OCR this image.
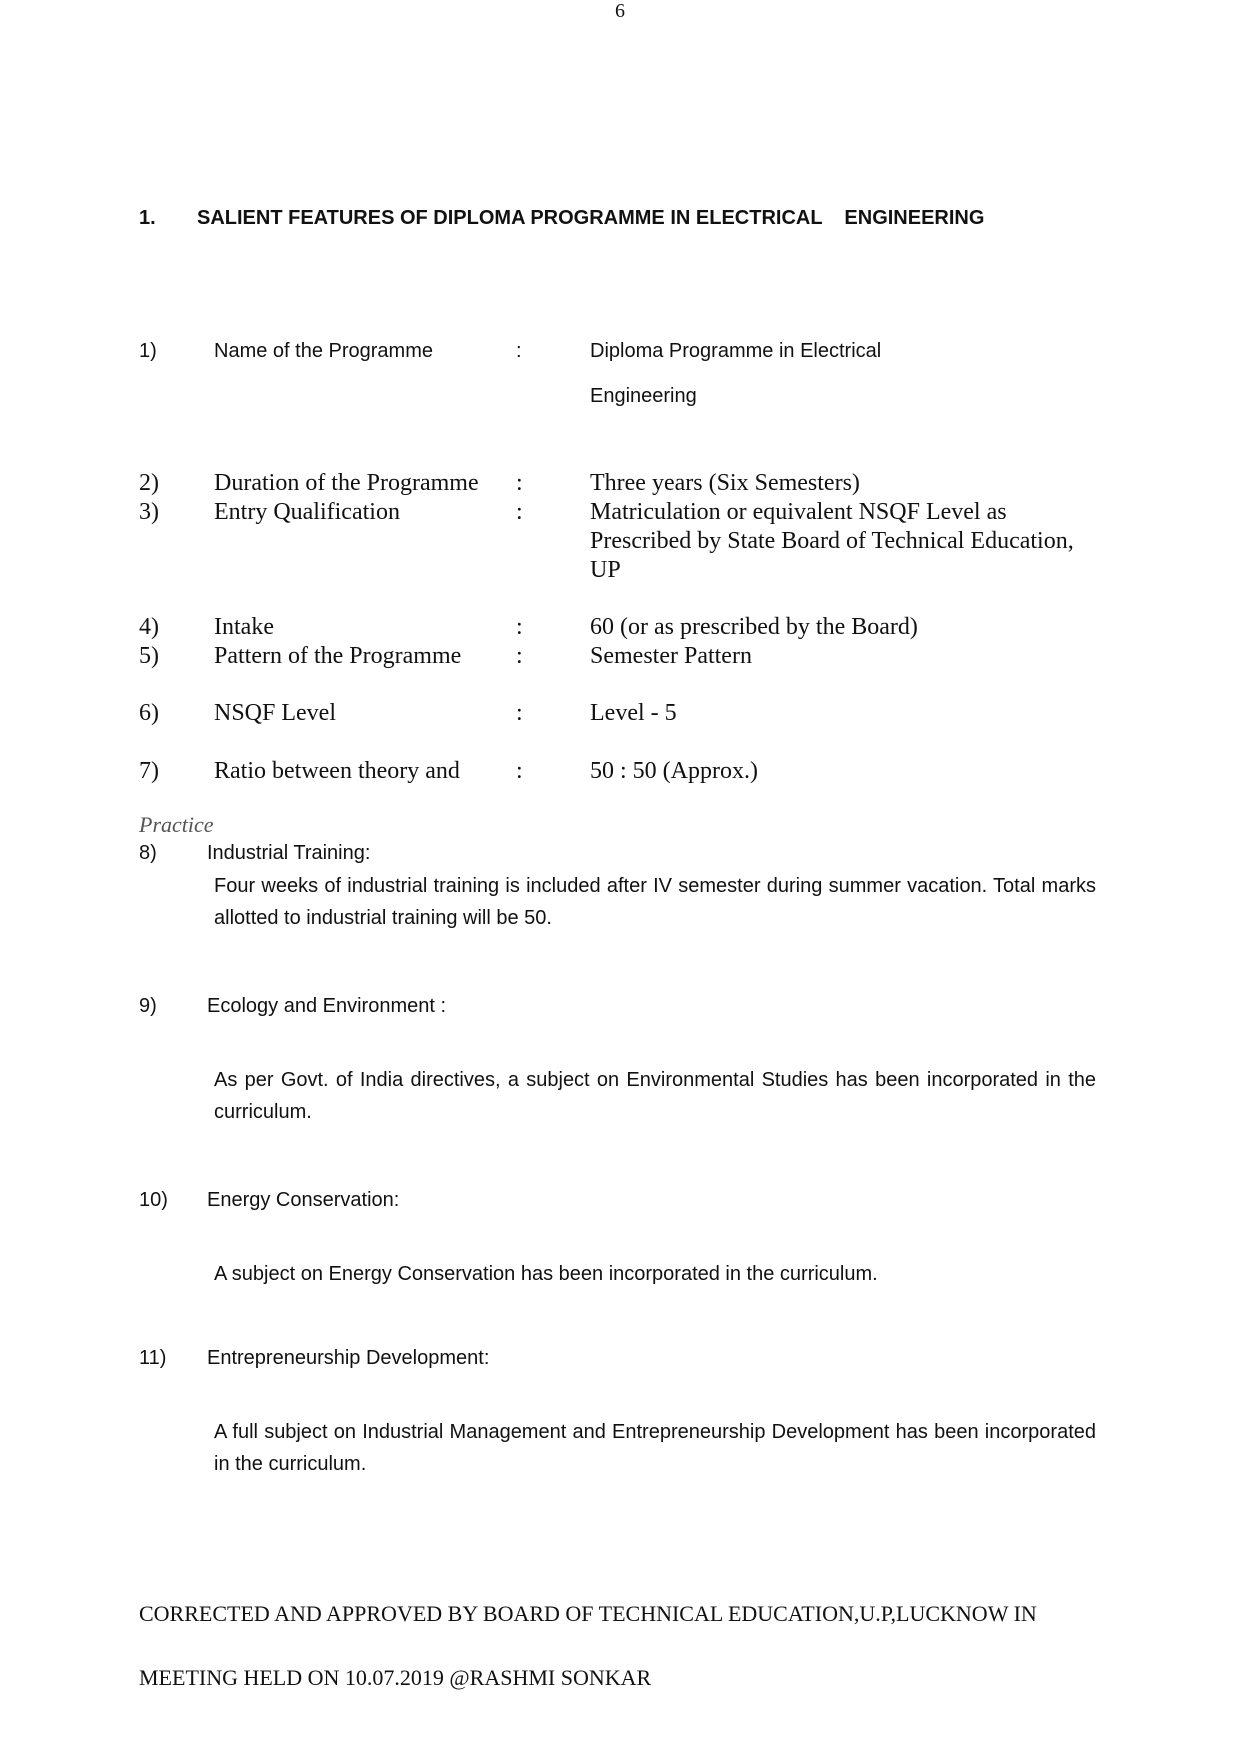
6
1. SALIENT FEATURES OF DIPLOMA PROGRAMME IN ELECTRICAL    ENGINEERING
1)	Name of the Programme	:	Diploma Programme in Electrical
Engineering
2) Duration of the Programme :	Three years (Six Semesters)
3) Entry Qualification	:	Matriculation or equivalent NSQF Level as
Prescribed by State Board of Technical Education,
UP
4) Intake	:	60 (or as prescribed by the Board)
5) Pattern of the Programme :	Semester Pattern
6) NSQF Level	:	Level - 5
7) Ratio between theory and :	50 : 50 (Approx.)
Practice
8)	Industrial Training:

Four weeks of industrial training is included after IV semester during summer vacation. Total marks allotted to industrial training will be 50.

9)	Ecology and Environment :

As per Govt. of India directives, a subject on Environmental Studies has been incorporated in the curriculum.

10) Energy Conservation:

A subject on Energy Conservation has been incorporated in the curriculum.

11) Entrepreneurship Development:

A full subject on Industrial Management and Entrepreneurship Development has been incorporated in the curriculum.

CORRECTED AND APPROVED BY BOARD OF TECHNICAL EDUCATION,U.P,LUCKNOW IN

MEETING HELD ON 10.07.2019 @RASHMI SONKAR
